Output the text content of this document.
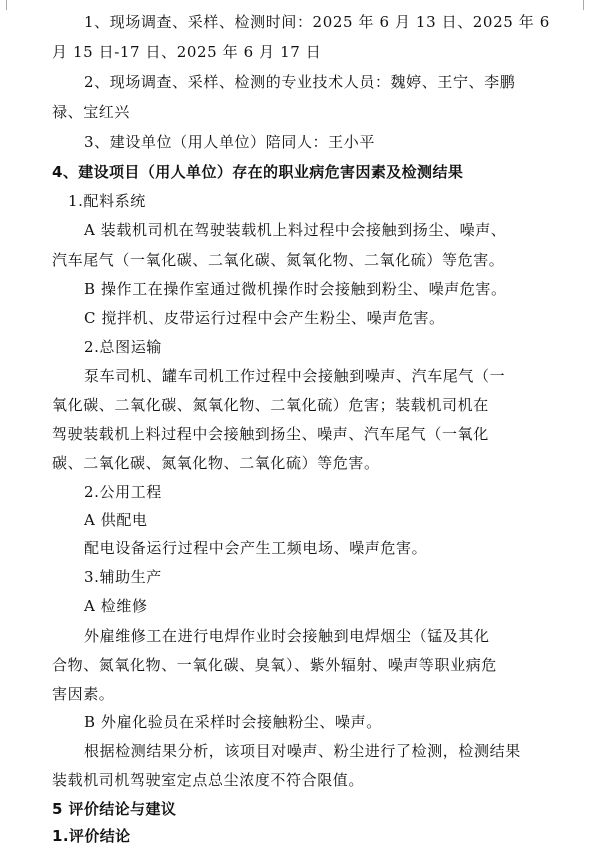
1、现场调查、采样、检测时间：2025 年 6 月 13 日、2025 年 6
月 15 日-17 日、2025 年 6 月 17 日
2、现场调查、采样、检测的专业技术人员：魏婷、王宁、李鹏
禄、宝红兴
3、建设单位（用人单位）陪同人：王小平
4、建设项目（用人单位）存在的职业病危害因素及检测结果
1.配料系统
A 装载机司机在驾驶装载机上料过程中会接触到扬尘、噪声、
汽车尾气（一氧化碳、二氧化碳、氮氧化物、二氧化硫）等危害。
B 操作工在操作室通过微机操作时会接触到粉尘、噪声危害。
C 搅拌机、皮带运行过程中会产生粉尘、噪声危害。
2.总图运输
泵车司机、罐车司机工作过程中会接触到噪声、汽车尾气（一
氧化碳、二氧化碳、氮氧化物、二氧化硫）危害；装载机司机在
驾驶装载机上料过程中会接触到扬尘、噪声、汽车尾气（一氧化
碳、二氧化碳、氮氧化物、二氧化硫）等危害。
2.公用工程
A 供配电
配电设备运行过程中会产生工频电场、噪声危害。
3.辅助生产
A 检维修
外雇维修工在进行电焊作业时会接触到电焊烟尘（锰及其化
合物、氮氧化物、一氧化碳、臭氧）、紫外辐射、噪声等职业病危
害因素。
B 外雇化验员在采样时会接触粉尘、噪声。
根据检测结果分析，该项目对噪声、粉尘进行了检测，检测结果
装载机司机驾驶室定点总尘浓度不符合限值。
5 评价结论与建议
1.评价结论
